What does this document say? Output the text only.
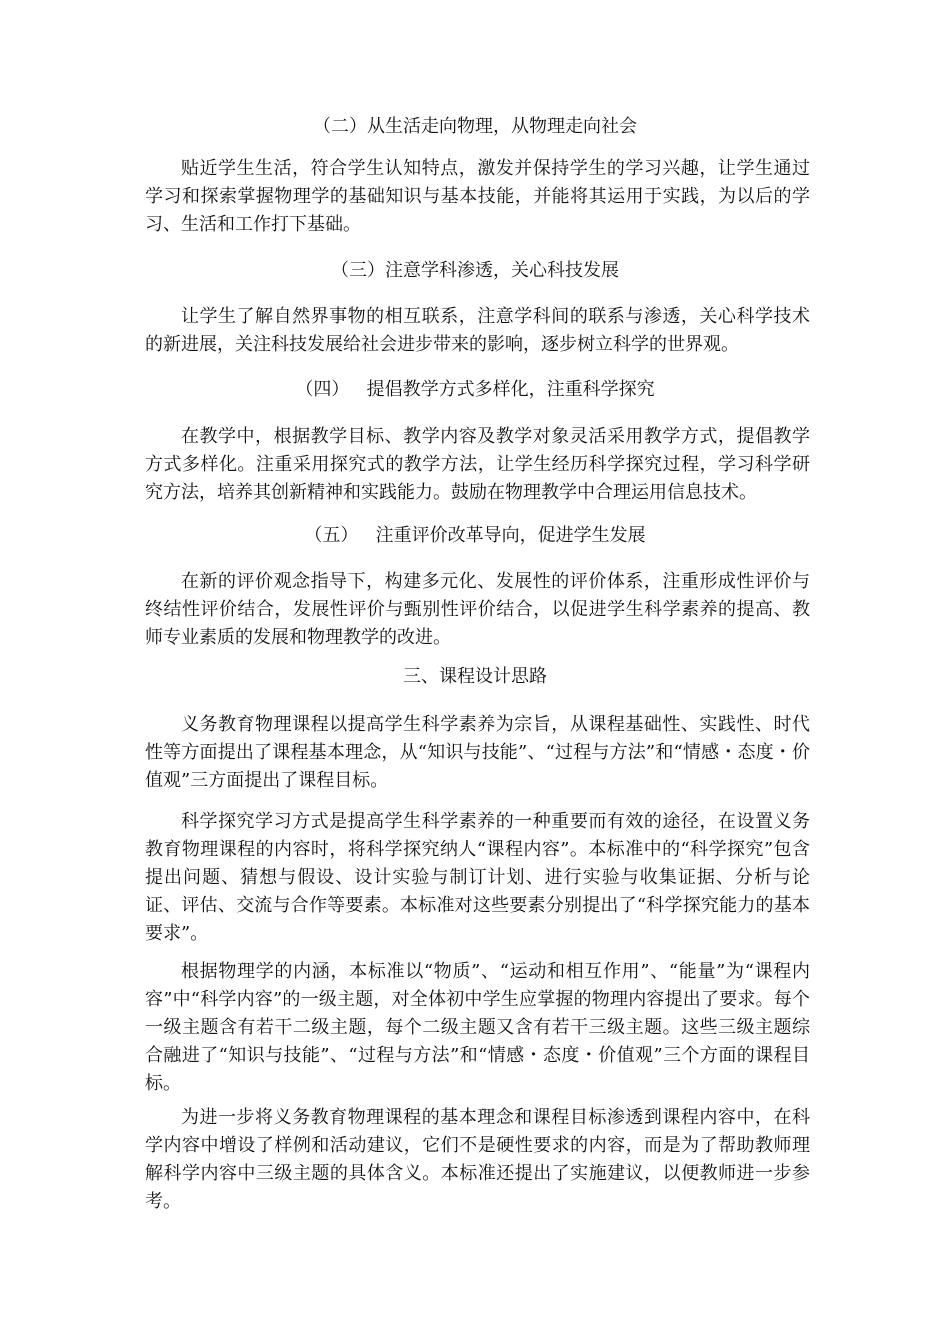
（二）从生活走向物理，从物理走向社会
贴近学生生活，符合学生认知特点，激发并保持学生的学习兴趣，让学生通过学习和探索掌握物理学的基础知识与基本技能，并能将其运用于实践，为以后的学习、生活和工作打下基础。
（三）注意学科渗透，关心科技发展
让学生了解自然界事物的相互联系，注意学科间的联系与渗透，关心科学技术的新进展，关注科技发展给社会进步带来的影响，逐步树立科学的世界观。
（四）   提倡教学方式多样化，注重科学探究
在教学中，根据教学目标、教学内容及教学对象灵活采用教学方式，提倡教学方式多样化。注重采用探究式的教学方法，让学生经历科学探究过程，学习科学研究方法，培养其创新精神和实践能力。鼓励在物理教学中合理运用信息技术。
（五）   注重评价改革导向，促进学生发展
在新的评价观念指导下，构建多元化、发展性的评价体系，注重形成性评价与终结性评价结合，发展性评价与甄别性评价结合，以促进学生科学素养的提高、教师专业素质的发展和物理教学的改进。
三、课程设计思路
义务教育物理课程以提高学生科学素养为宗旨，从课程基础性、实践性、时代性等方面提出了课程基本理念，从“知识与技能”、“过程与方法”和“情感・态度・价值观”三方面提出了课程目标。
科学探究学习方式是提高学生科学素养的一种重要而有效的途径，在设置义务教育物理课程的内容时，将科学探究纳人“课程内容”。本标准中的“科学探究”包含提出问题、猜想与假设、设计实验与制订计划、进行实验与收集证据、分析与论证、评估、交流与合作等要素。本标准对这些要素分别提出了“科学探究能力的基本要求”。
根据物理学的内涵，本标准以“物质”、“运动和相互作用”、“能量”为“课程内容”中“科学内容”的一级主题，对全体初中学生应掌握的物理内容提出了要求。每个一级主题含有若干二级主题，每个二级主题又含有若干三级主题。这些三级主题综合融进了“知识与技能”、“过程与方法”和“情感・态度・价值观”三个方面的课程目标。
为进一步将义务教育物理课程的基本理念和课程目标渗透到课程内容中，在科学内容中增设了样例和活动建议，它们不是硬性要求的内容，而是为了帮助教师理解科学内容中三级主题的具体含义。本标准还提出了实施建议，以便教师进一步参考。
